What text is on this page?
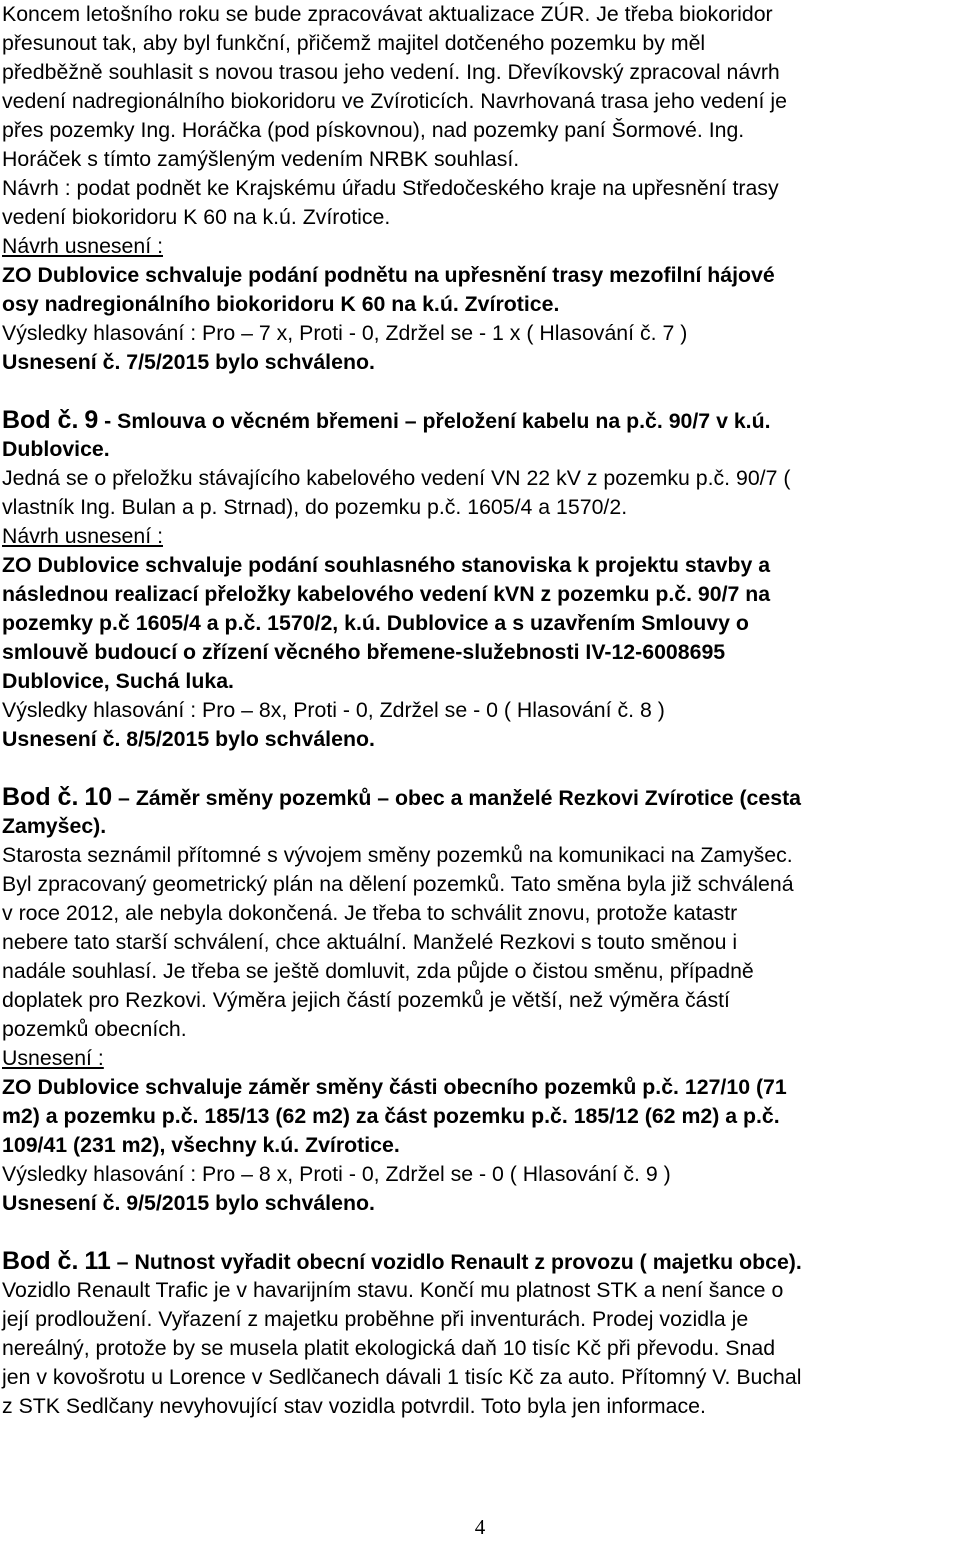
Koncem letošního roku se bude zpracovávat aktualizace ZÚR. Je třeba biokoridor
přesunout tak, aby byl funkční, přičemž majitel dotčeného pozemku by měl
předběžně souhlasit s novou trasou jeho vedení. Ing. Dřevíkovský zpracoval návrh
vedení nadregionálního biokoridoru ve Zvíroticích. Navrhovaná trasa jeho vedení je
přes pozemky Ing. Horáčka (pod pískovnou), nad pozemky paní Šormové. Ing.
Horáček s tímto zamýšleným vedením NRBK souhlasí.
Návrh : podat podnět ke Krajskému úřadu Středočeského kraje na upřesnění trasy
vedení biokoridoru K 60 na k.ú. Zvírotice.
Návrh usnesení :
ZO Dublovice schvaluje podání podnětu na upřesnění trasy mezofilní hájové
osy nadregionálního biokoridoru K 60 na k.ú. Zvírotice.
Výsledky hlasování : Pro – 7 x, Proti - 0, Zdržel se - 1 x ( Hlasování č. 7 )
Usnesení č. 7/5/2015 bylo schváleno.
Bod č. 9 - Smlouva o věcném břemeni – přeložení kabelu na p.č. 90/7 v k.ú.
Dublovice.
Jedná se o přeložku stávajícího kabelového vedení VN 22 kV z pozemku p.č. 90/7 (
vlastník Ing. Bulan a p. Strnad), do pozemku p.č. 1605/4 a 1570/2.
Návrh usnesení :
ZO Dublovice schvaluje podání souhlasného stanoviska k projektu stavby a
následnou realizací přeložky kabelového vedení kVN z pozemku p.č. 90/7 na
pozemky p.č 1605/4 a p.č. 1570/2, k.ú. Dublovice a s uzavřením Smlouvy o
smlouvě budoucí o zřízení věcného břemene-služebnosti IV-12-6008695
Dublovice, Suchá luka.
Výsledky hlasování : Pro – 8x, Proti - 0, Zdržel se - 0 ( Hlasování č. 8 )
Usnesení č. 8/5/2015 bylo schváleno.
Bod č. 10 – Záměr směny pozemků – obec a manželé Rezkovi Zvírotice (cesta
Zamyšec).
Starosta seznámil přítomné s vývojem směny pozemků na komunikaci na Zamyšec.
Byl zpracovaný geometrický plán na dělení pozemků. Tato směna byla již schválená
v roce 2012, ale nebyla dokončená. Je třeba to schválit znovu, protože katastr
nebere tato starší schválení, chce aktuální. Manželé Rezkovi s touto směnou i
nadále souhlasí. Je třeba se ještě domluvit, zda půjde o čistou směnu, případně
doplatek pro Rezkovi. Výměra jejich částí pozemků je větší, než výměra částí
pozemků obecních.
Usnesení :
ZO Dublovice schvaluje záměr směny části obecního pozemků p.č. 127/10 (71
m2) a pozemku p.č. 185/13 (62 m2) za část pozemku p.č. 185/12 (62 m2) a p.č.
109/41 (231 m2), všechny k.ú. Zvírotice.
Výsledky hlasování : Pro – 8 x, Proti - 0, Zdržel se - 0 ( Hlasování č. 9 )
Usnesení č. 9/5/2015 bylo schváleno.
Bod č. 11 – Nutnost vyřadit obecní vozidlo Renault z provozu ( majetku obce).
Vozidlo Renault Trafic je v havarijním stavu. Končí mu platnost STK a není šance o
její prodloužení. Vyřazení z majetku proběhne při inventurách. Prodej vozidla je
nereálný, protože by se musela platit ekologická daň 10 tisíc Kč při převodu. Snad
jen v kovošrotu u Lorence v Sedlčanech dávali 1 tisíc Kč za auto. Přítomný V. Buchal
z STK Sedlčany nevyhovující stav vozidla potvrdil. Toto byla jen informace.
4
